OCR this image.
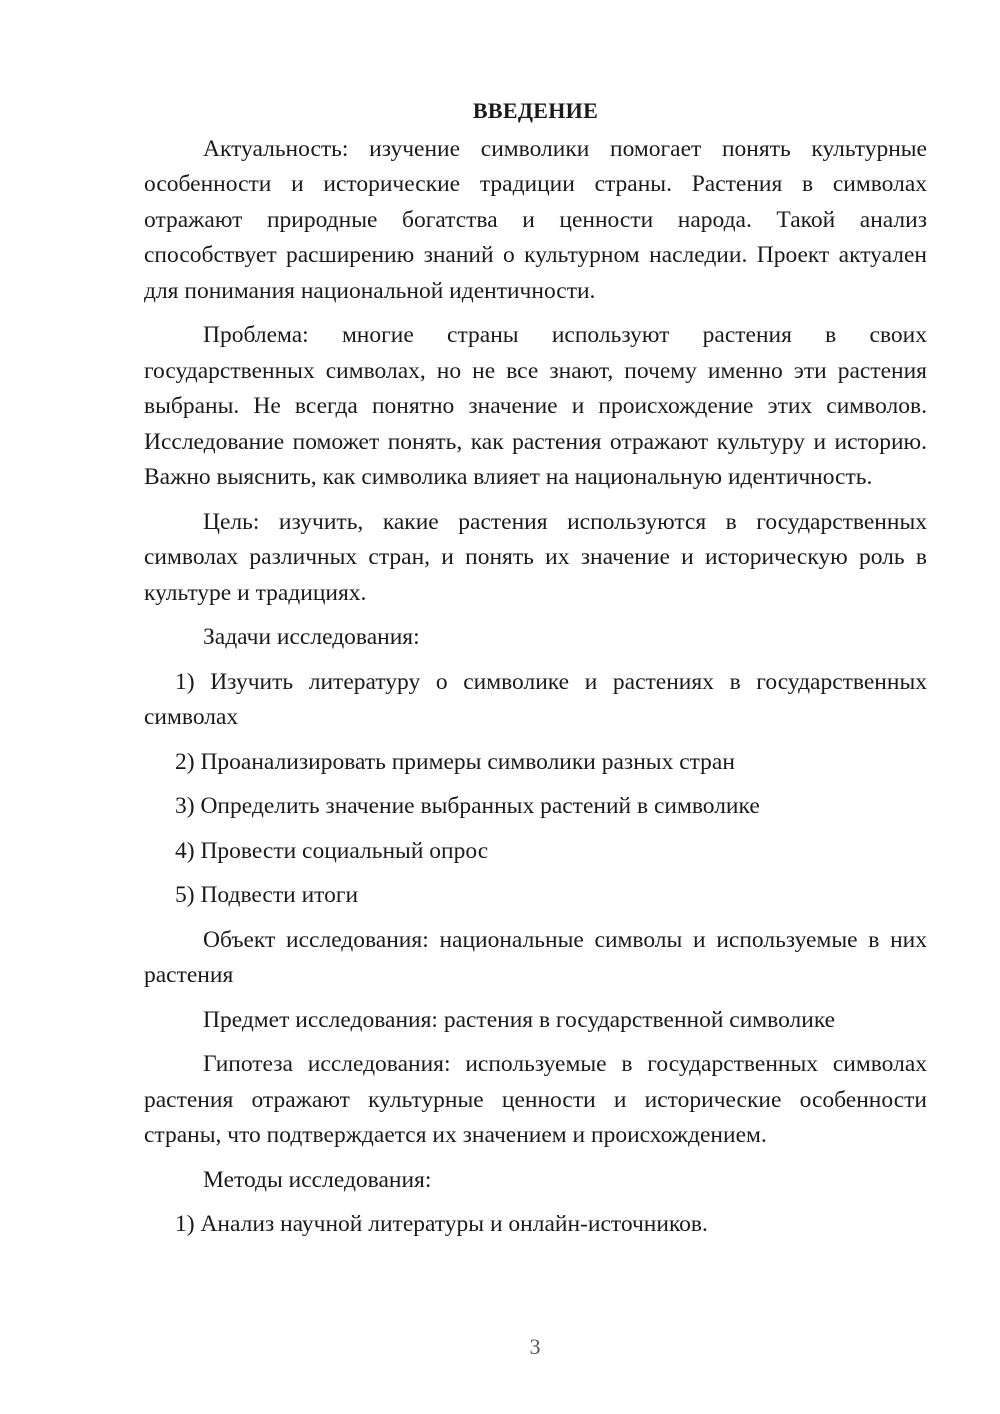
ВВЕДЕНИЕ

Актуальность: изучение символики помогает понять культурные особенности и исторические традиции страны. Растения в символах отражают природные богатства и ценности народа. Такой анализ способствует расширению знаний о культурном наследии. Проект актуален для понимания национальной идентичности.

Проблема: многие страны используют растения в своих государственных символах, но не все знают, почему именно эти растения выбраны. Не всегда понятно значение и происхождение этих символов. Исследование поможет понять, как растения отражают культуру и историю. Важно выяснить, как символика влияет на национальную идентичность.

Цель: изучить, какие растения используются в государственных символах различных стран, и понять их значение и историческую роль в культуре и традициях.

Задачи исследования:

1) Изучить литературу о символике и растениях в государственных символах

2) Проанализировать примеры символики разных стран

3) Определить значение выбранных растений в символике

4) Провести социальный опрос

5) Подвести итоги

Объект исследования: национальные символы и используемые в них растения

Предмет исследования: растения в государственной символике

Гипотеза исследования: используемые в государственных символах растения отражают культурные ценности и исторические особенности страны, что подтверждается их значением и происхождением.

Методы исследования:

1) Анализ научной литературы и онлайн-источников.

3
